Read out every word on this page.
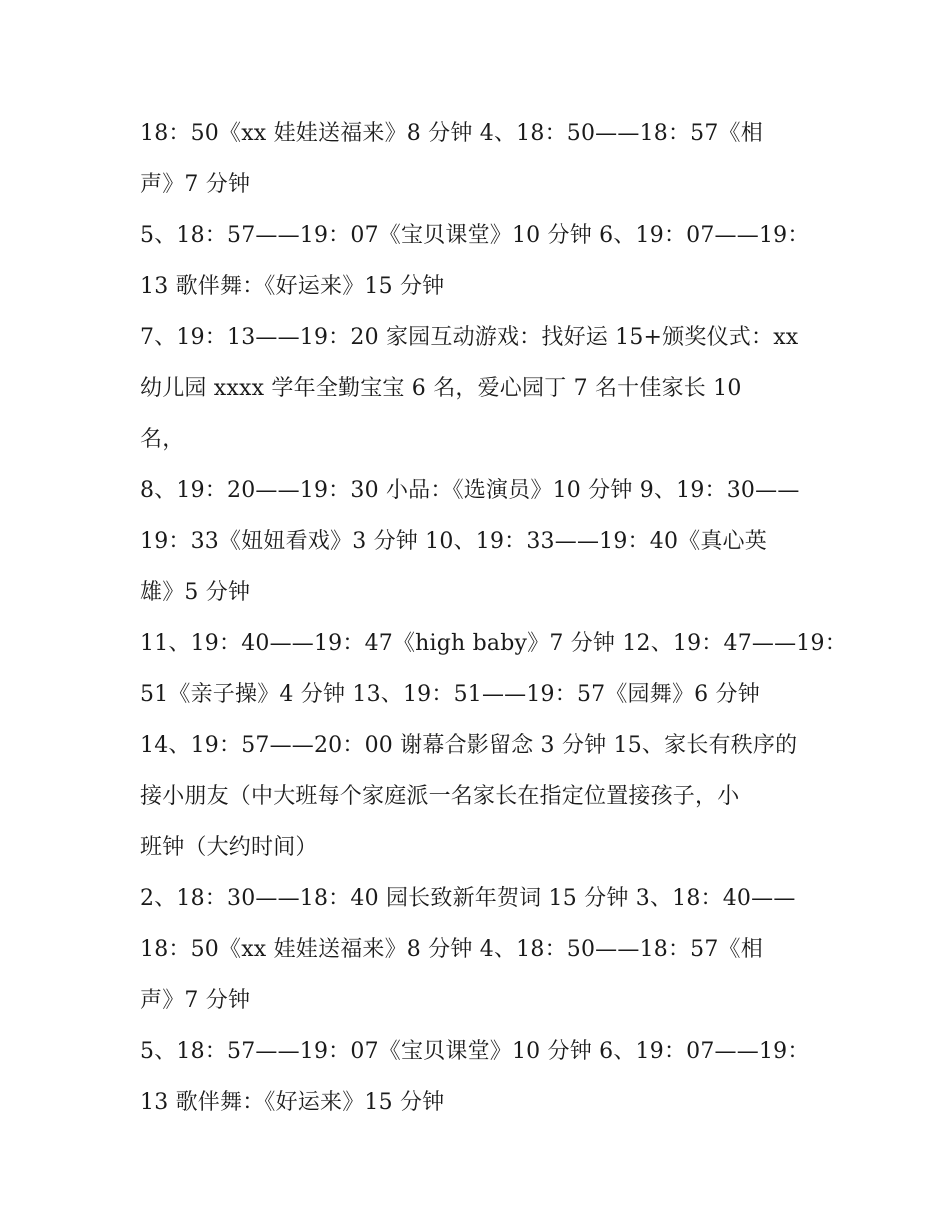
18：50《xx 娃娃送福来》8 分钟 4、18：50——18：57《相
声》7 分钟
5、18：57——19：07《宝贝课堂》10 分钟 6、19：07——19：
13 歌伴舞：《好运来》15 分钟
7、19：13——19：20 家园互动游戏：找好运 15+颁奖仪式：xx
幼儿园 xxxx 学年全勤宝宝 6 名，爱心园丁 7 名十佳家长 10
名，
8、19：20——19：30 小品：《选演员》10 分钟 9、19：30——
19：33《妞妞看戏》3 分钟 10、19：33——19：40《真心英
雄》5 分钟
11、19：40——19：47《high baby》7 分钟 12、19：47——19：
51《亲子操》4 分钟 13、19：51——19：57《园舞》6 分钟
14、19：57——20：00 谢幕合影留念 3 分钟 15、家长有秩序的
接小朋友（中大班每个家庭派一名家长在指定位置接孩子，小
班钟（大约时间）
2、18：30——18：40 园长致新年贺词 15 分钟 3、18：40——
18：50《xx 娃娃送福来》8 分钟 4、18：50——18：57《相
声》7 分钟
5、18：57——19：07《宝贝课堂》10 分钟 6、19：07——19：
13 歌伴舞：《好运来》15 分钟
